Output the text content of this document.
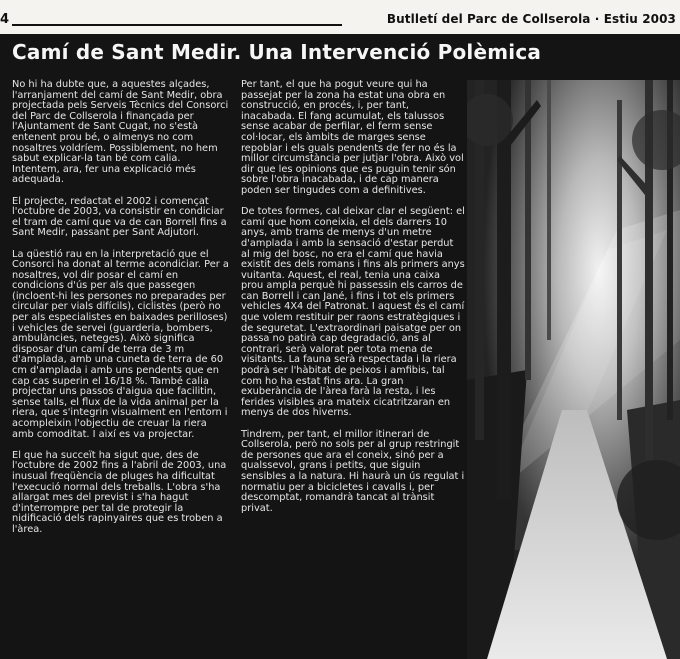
4	Butlletí del Parc de Collserola · Estiu 2003
Camí de Sant Medir. Una Intervenció Polèmica

No hi ha dubte que, a aquestes alçades, l'arranjament del camí de Sant Medir, obra projectada pels Serveis Tècnics del Consorci del Parc de Collserola i finançada per l'Ajuntament de Sant Cugat, no s'està entenent prou bé, o almenys no com nosaltres voldríem. Possiblement, no hem sabut explicar-la tan bé com calia. Intentem, ara, fer una explicació més adequada.

El projecte, redactat el 2002 i començat l'octubre de 2003, va consistir en condiciar el tram de camí que va de can Borrell fins a Sant Medir, passant per Sant Adjutori.

La qüestió rau en la interpretació que el Consorci ha donat al terme acondiciar. Per a nosaltres, vol dir posar el camí en condicions d'ús per als que passegen (incloent-hi les persones no preparades per circular per vials difícils), ciclistes (però no per als especialistes en baixades perilloses) i vehicles de servei (guarderia, bombers, ambulàncies, neteges). Això significa disposar d'un camí de terra de 3 m d'amplada, amb una cuneta de terra de 60 cm d'amplada i amb uns pendents que en cap cas superin el 16/18 %. També calia projectar uns passos d'aigua que facilitin, sense talls, el flux de la vida animal per la riera, que s'integrin visualment en l'entorn i acompleixin l'objectiu de creuar la riera amb comoditat. I així es va projectar.

El que ha succeït ha sigut que, des de l'octubre de 2002 fins a l'abril de 2003, una inusual freqüència de pluges ha dificultat l'execució normal dels treballs. L'obra s'ha allargat mes del previst i s'ha hagut d'interrompre per tal de protegir la nidificació dels rapinyaires que es troben a l'àrea.

Per tant, el que ha pogut veure qui ha passejat per la zona ha estat una obra en construcció, en procés, i, per tant, inacabada. El fang acumulat, els talussos sense acabar de perfilar, el ferm sense col·locar, els àmbits de marges sense repoblar i els guals pendents de fer no és la millor circumstància per jutjar l'obra. Això vol dir que les opinions que es puguin tenir són sobre l'obra inacabada, i de cap manera poden ser tingudes com a definitives.

De totes formes, cal deixar clar el següent: el camí que hom coneixia, el dels darrers 10 anys, amb trams de menys d'un metre d'amplada i amb la sensació d'estar perdut al mig del bosc, no era el camí que havia existit des dels romans i fins als primers anys vuitanta. Aquest, el real, tenia una caixa prou ampla perquè hi passessin els carros de can Borrell i can Jané, i fins i tot els primers vehicles 4X4 del Patronat. I aquest és el camí que volem restituir per raons estratègiques i de seguretat. L'extraordinari paisatge per on passa no patirà cap degradació, ans al contrari, serà valorat per tota mena de visitants. La fauna serà respectada i la riera podrà ser l'hàbitat de peixos i amfibis, tal com ho ha estat fins ara. La gran exuberància de l'àrea farà la resta, i les ferides visibles ara mateix cicatritzaran en menys de dos hiverns.

Tindrem, per tant, el millor itinerari de Collserola, però no sols per al grup restringit de persones que ara el coneix, sinó per a qualssevol, grans i petits, que siguin sensibles a la natura. Hi haurà un ús regulat i normatiu per a bicicletes i cavalls i, per descomptat, romandrà tancat al trànsit privat.
